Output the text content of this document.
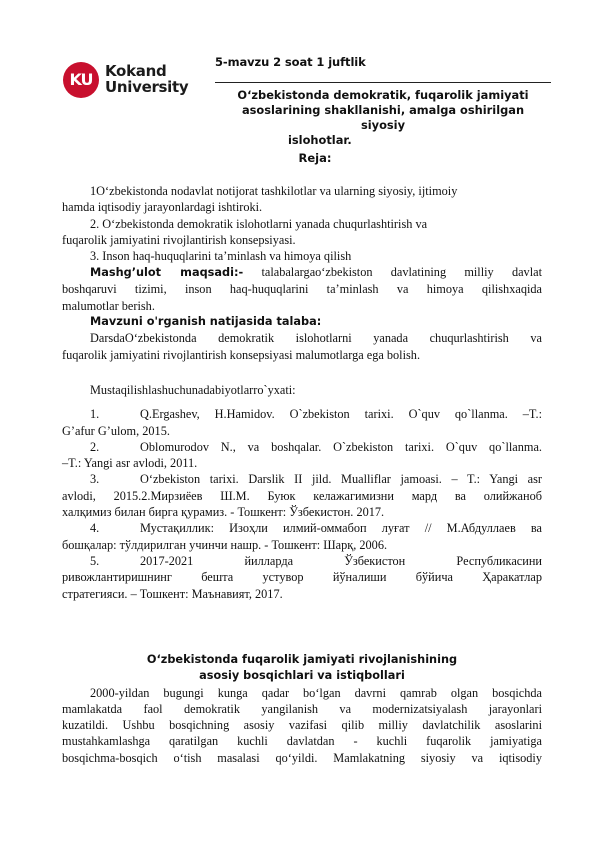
5-mavzu 2 soat 1 juftlik
KU Kokand
University	O‘zbekistonda demokratik, fuqarolik jamiyati
asoslarining shakllanishi, amalga oshirilgan siyosiy
islohotlar.
Reja:

1O‘zbekistonda nodavlat notijorat tashkilotlar va ularning siyosiy, ijtimoiy

hamda iqtisodiy jarayonlardagi ishtiroki.

2. O‘zbekistonda demokratik islohotlarni yanada chuqurlashtirish va

fuqarolik jamiyatini rivojlantirish konsepsiyasi.

3. Inson haq-huquqlarini ta’minlash va himoya qilish

Mashg’ulot maqsadi:- talabalargao‘zbekiston davlatining milliy davlat

boshqaruvi tizimi, inson haq-huquqlarini ta’minlash va himoya qilishxaqida

malumotlar berish.

Mavzuni o'rganish natijasida talaba:

DarsdaO‘zbekistonda demokratik islohotlarni yanada chuqurlashtirish va

fuqarolik jamiyatini rivojlantirish konsepsiyasi malumotlarga ega bolish.

Mustaqilishlashuchunadabiyotlarro`yxati:

1.	Q.Ergashev, H.Hamidov. O`zbekiston tarixi. O`quv qo`llanma. –T.:

G’afur G’ulom, 2015.

2.	Oblomurodov N., va boshqalar. O`zbekiston tarixi. O`quv qo`llanma.

–T.: Yangi asr avlodi, 2011.

3.	O‘zbekiston tarixi. Darslik II jild. Mualliflar jamoasi. – T.: Yangi asr

avlodi, 2015.2.Мирзиёев Ш.М. Буюк келажагимизни мард ва олийжаноб

халқимиз билан бирга қурамиз. - Тошкент: Ўзбекистон. 2017.

4.	Мустақиллик: Изоҳли илмий-оммабоп луғат // М.Абдуллаев ва

бошқалар: тўлдирилган учинчи нашр. - Тошкент: Шарқ, 2006.

5.	2017-2021        йилларда        Ўзбекистон        Республикасини

ривожлантиришнинг бешта устувор йўналиши бўйича Ҳаракатлар

стратегияси. – Тошкент: Маънавият, 2017.

O‘zbekistonda fuqarolik jamiyati rivojlanishining

asosiy bosqichlari va istiqbollari

2000-yildan bugungi kunga qadar bo‘lgan davrni qamrab olgan bosqichda

mamlakatda faol demokratik yangilanish va modernizatsiyalash jarayonlari

kuzatildi. Ushbu bosqichning asosiy vazifasi qilib milliy davlatchilik asoslarini

mustahkamlashga qaratilgan kuchli davlatdan - kuchli fuqarolik jamiyatiga

bosqichma-bosqich o‘tish masalasi qo‘yildi. Mamlakatning siyosiy va iqtisodiy
